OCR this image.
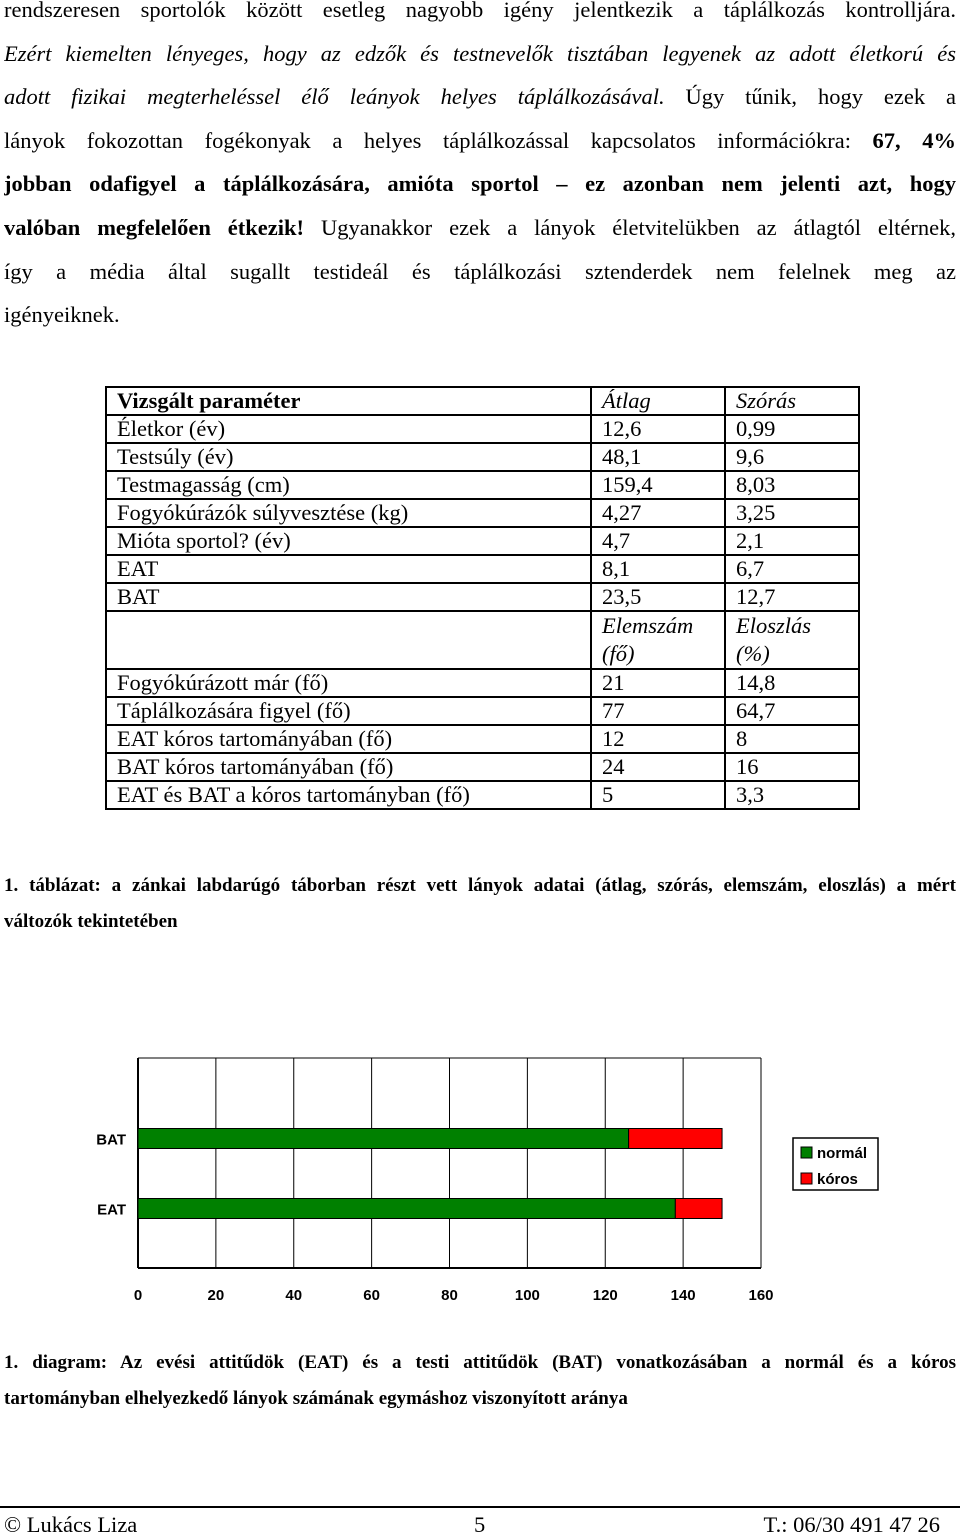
rendszeresen sportolók között esetleg nagyobb igény jelentkezik a táplálkozás kontrolljára.
Ezért kiemelten lényeges, hogy az edzők és testnevelők tisztában legyenek az adott életkorú és
adott fizikai megterheléssel élő leányok helyes táplálkozásával. Úgy tűnik, hogy ezek a
lányok fokozottan fogékonyak a helyes táplálkozással kapcsolatos információkra: 67, 4%
jobban odafigyel a táplálkozására, amióta sportol – ez azonban nem jelenti azt, hogy
valóban megfelelően étkezik! Ugyanakkor ezek a lányok életvitelükben az átlagtól eltérnek,
így a média által sugallt testideál és táplálkozási sztenderdek nem felelnek meg az
igényeiknek.
Vizsgált paraméter	Átlag	Szórás
Életkor (év)	12,6	0,99
Testsúly (év)	48,1	9,6
Testmagasság (cm)	159,4	8,03
Fogyókúrázók súlyvesztése (kg)	4,27	3,25
Mióta sportol? (év)	4,7	2,1
EAT	8,1	6,7
BAT	23,5	12,7
	Elemszám (fő)	Eloszlás (%)
Fogyókúrázott már (fő)	21	14,8
Táplálkozására figyel (fő)	77	64,7
EAT kóros tartományában (fő)	12	8
BAT kóros tartományában (fő)	24	16
EAT és BAT a kóros tartományban (fő)	5	3,3
1. táblázat: a zánkai labdarúgó táborban részt vett lányok adatai (átlag, szórás, elemszám, eloszlás) a mért
változók tekintetében
0	20	40	60	80	100	120	140	160
BAT
EAT
normál
kóros
1. diagram: Az evési attitűdök (EAT) és a testi attitűdök (BAT) vonatkozásában a normál és a kóros
tartományban elhelyezkedő lányok számának egymáshoz viszonyított aránya
© Lukács Liza	5	T.: 06/30 491 47 26
